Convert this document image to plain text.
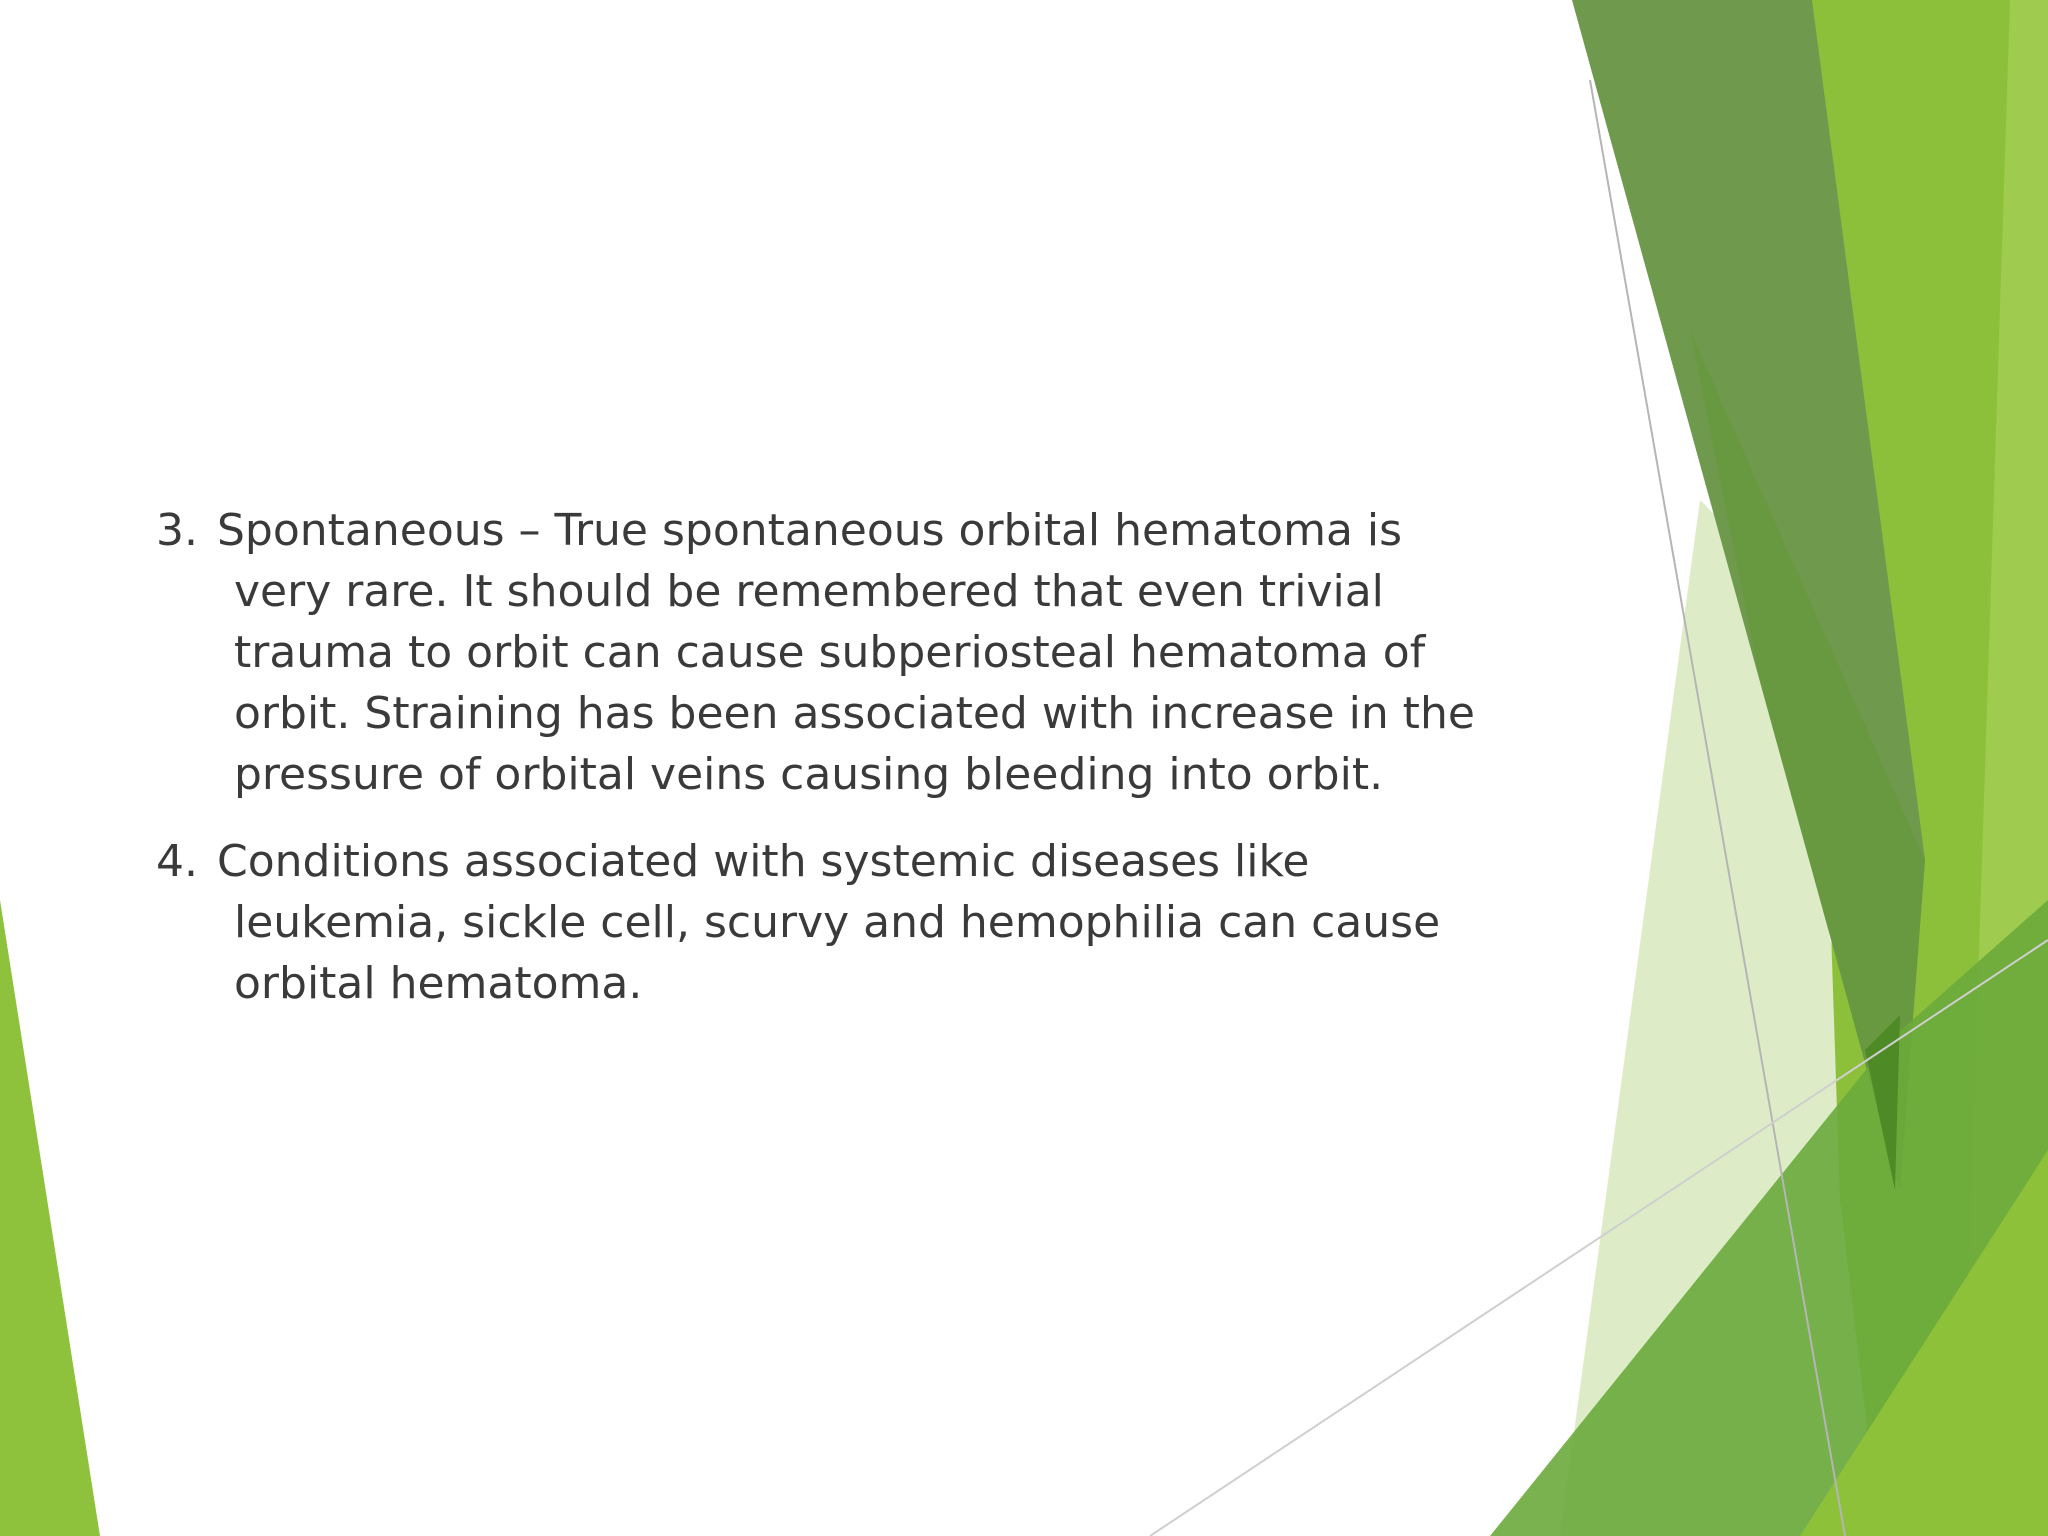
3. Spontaneous – True spontaneous orbital hematoma is
very rare. It should be remembered that even trivial
trauma to orbit can cause subperiosteal hematoma of
orbit. Straining has been associated with increase in the
pressure of orbital veins causing bleeding into orbit.
4. Conditions associated with systemic diseases like
leukemia, sickle cell, scurvy and hemophilia can cause
orbital hematoma.
